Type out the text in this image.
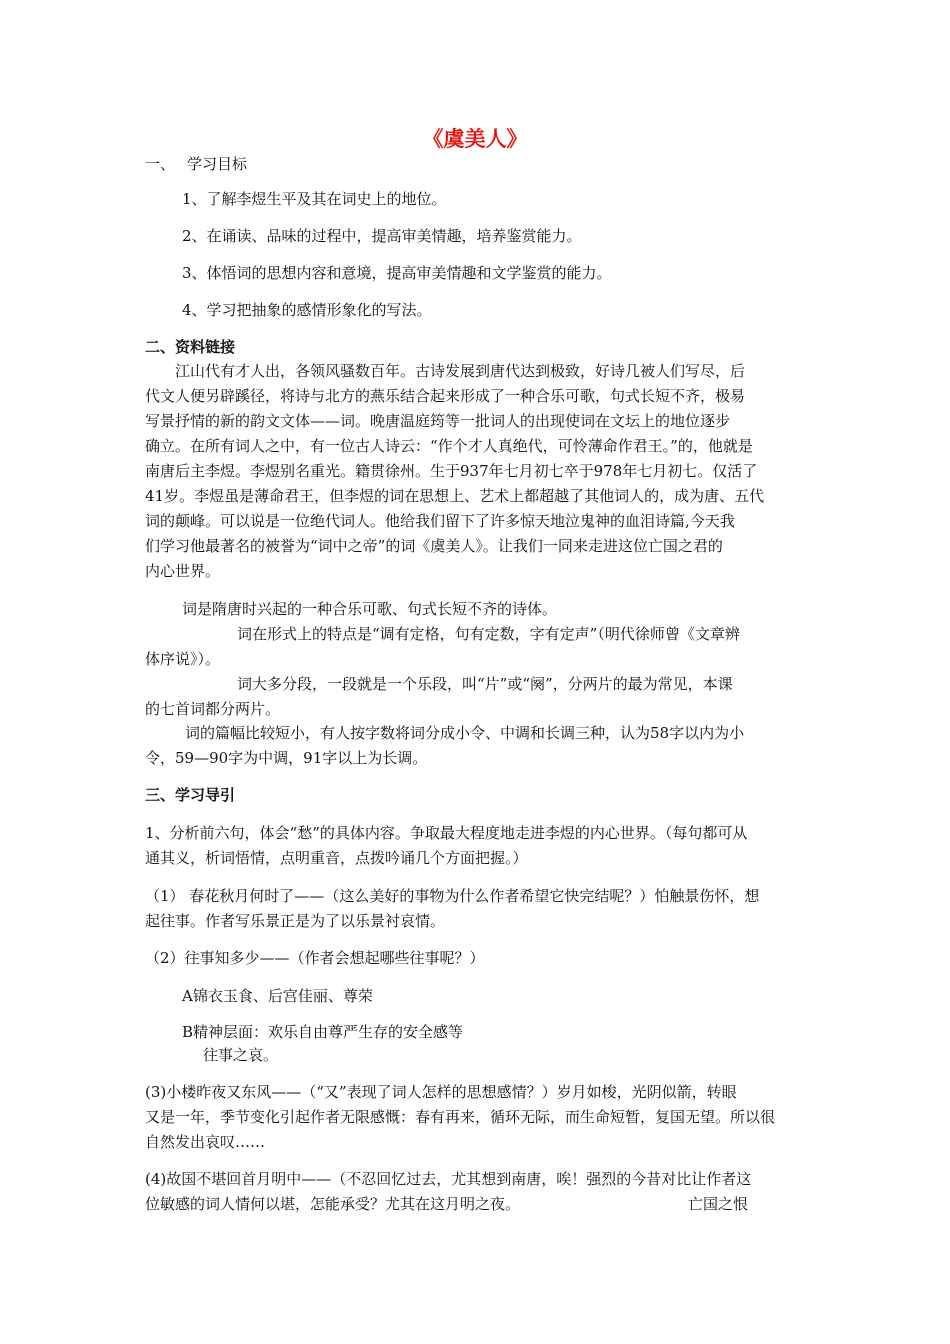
《虞美人》
一、 学习目标
1、了解李煜生平及其在词史上的地位。
2、在诵读、品味的过程中，提高审美情趣，培养鉴赏能力。
3、体悟词的思想内容和意境，提高审美情趣和文学鉴赏的能力。
4、学习把抽象的感情形象化的写法。
二、资料链接
江山代有才人出，各领风骚数百年。古诗发展到唐代达到极致，好诗几被人们写尽，后
代文人便另辟蹊径，将诗与北方的燕乐结合起来形成了一种合乐可歌，句式长短不齐，极易
写景抒情的新的韵文文体——词。晚唐温庭筠等一批词人的出现使词在文坛上的地位逐步
确立。在所有词人之中，有一位古人诗云：“作个才人真绝代，可怜薄命作君王。”的，他就是
南唐后主李煜。李煜别名重光。籍贯徐州。生于937年七月初七卒于978年七月初七。仅活了
41岁。李煜虽是薄命君王，但李煜的词在思想上、艺术上都超越了其他词人的，成为唐、五代
词的颠峰。可以说是一位绝代词人。他给我们留下了许多惊天地泣鬼神的血泪诗篇,今天我
们学习他最著名的被誉为“词中之帝”的词《虞美人》。让我们一同来走进这位亡国之君的
内心世界。
词是隋唐时兴起的一种合乐可歌、句式长短不齐的诗体。
词在形式上的特点是“调有定格，句有定数，字有定声”（明代徐师曾《文章辨
体序说》）。
词大多分段，一段就是一个乐段，叫“片”或“阕”，分两片的最为常见，本课
的七首词都分两片。
词的篇幅比较短小，有人按字数将词分成小令、中调和长调三种，认为58字以内为小
令，59—90字为中调，91字以上为长调。
三、学习导引
1、分析前六句，体会“愁”的具体内容。争取最大程度地走进李煜的内心世界。（每句都可从
通其义，析词悟情，点明重音，点拨吟诵几个方面把握。）
（1） 春花秋月何时了——（这么美好的事物为什么作者希望它快完结呢？）怕触景伤怀，想
起往事。作者写乐景正是为了以乐景衬哀情。
（2）往事知多少——（作者会想起哪些往事呢？）
A锦衣玉食、后宫佳丽、尊荣
B精神层面：欢乐自由尊严生存的安全感等
往事之哀。
(3)小楼昨夜又东风——（“又”表现了词人怎样的思想感情？）岁月如梭，光阴似箭，转眼
又是一年，季节变化引起作者无限感慨：春有再来，循环无际，而生命短暂，复国无望。所以很
自然发出哀叹……
(4)故国不堪回首月明中——（不忍回忆过去，尤其想到南唐，唉！强烈的今昔对比让作者这
位敏感的词人情何以堪，怎能承受？尤其在这月明之夜。	亡国之恨
